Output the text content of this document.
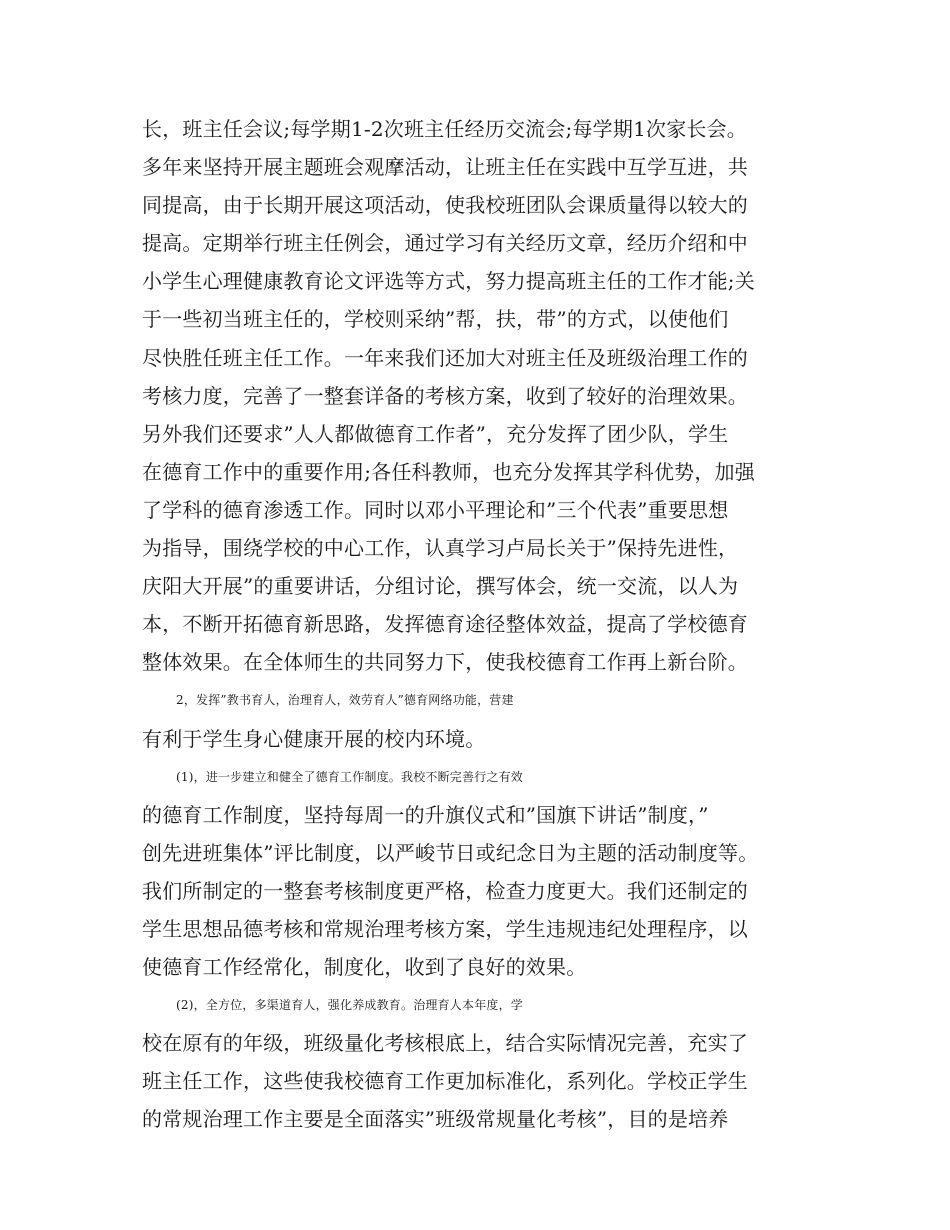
长，班主任会议;每学期1-2次班主任经历交流会;每学期1次家长会。
多年来坚持开展主题班会观摩活动，让班主任在实践中互学互进，共
同提高，由于长期开展这项活动，使我校班团队会课质量得以较大的
提高。定期举行班主任例会，通过学习有关经历文章，经历介绍和中
小学生心理健康教育论文评选等方式，努力提高班主任的工作才能;关
于一些初当班主任的，学校则采纳”帮，扶，带”的方式，以使他们
尽快胜任班主任工作。一年来我们还加大对班主任及班级治理工作的
考核力度，完善了一整套详备的考核方案，收到了较好的治理效果。
另外我们还要求”人人都做德育工作者”，充分发挥了团少队，学生
在德育工作中的重要作用;各任科教师，也充分发挥其学科优势，加强
了学科的德育渗透工作。同时以邓小平理论和”三个代表”重要思想
为指导，围绕学校的中心工作，认真学习卢局长关于”保持先进性，
庆阳大开展”的重要讲话，分组讨论，撰写体会，统一交流，以人为
本，不断开拓德育新思路，发挥德育途径整体效益，提高了学校德育
整体效果。在全体师生的共同努力下，使我校德育工作再上新台阶。
2，发挥”教书育人，治理育人，效劳育人”德育网络功能，营建
有利于学生身心健康开展的校内环境。
(1)，进一步建立和健全了德育工作制度。我校不断完善行之有效
的德育工作制度，坚持每周一的升旗仪式和”国旗下讲话”制度，”
创先进班集体”评比制度，以严峻节日或纪念日为主题的活动制度等。
我们所制定的一整套考核制度更严格，检查力度更大。我们还制定的
学生思想品德考核和常规治理考核方案，学生违规违纪处理程序，以
使德育工作经常化，制度化，收到了良好的效果。
(2)，全方位，多渠道育人，强化养成教育。治理育人本年度，学
校在原有的年级，班级量化考核根底上，结合实际情况完善，充实了
班主任工作，这些使我校德育工作更加标准化，系列化。学校正学生
的常规治理工作主要是全面落实”班级常规量化考核”，目的是培养
